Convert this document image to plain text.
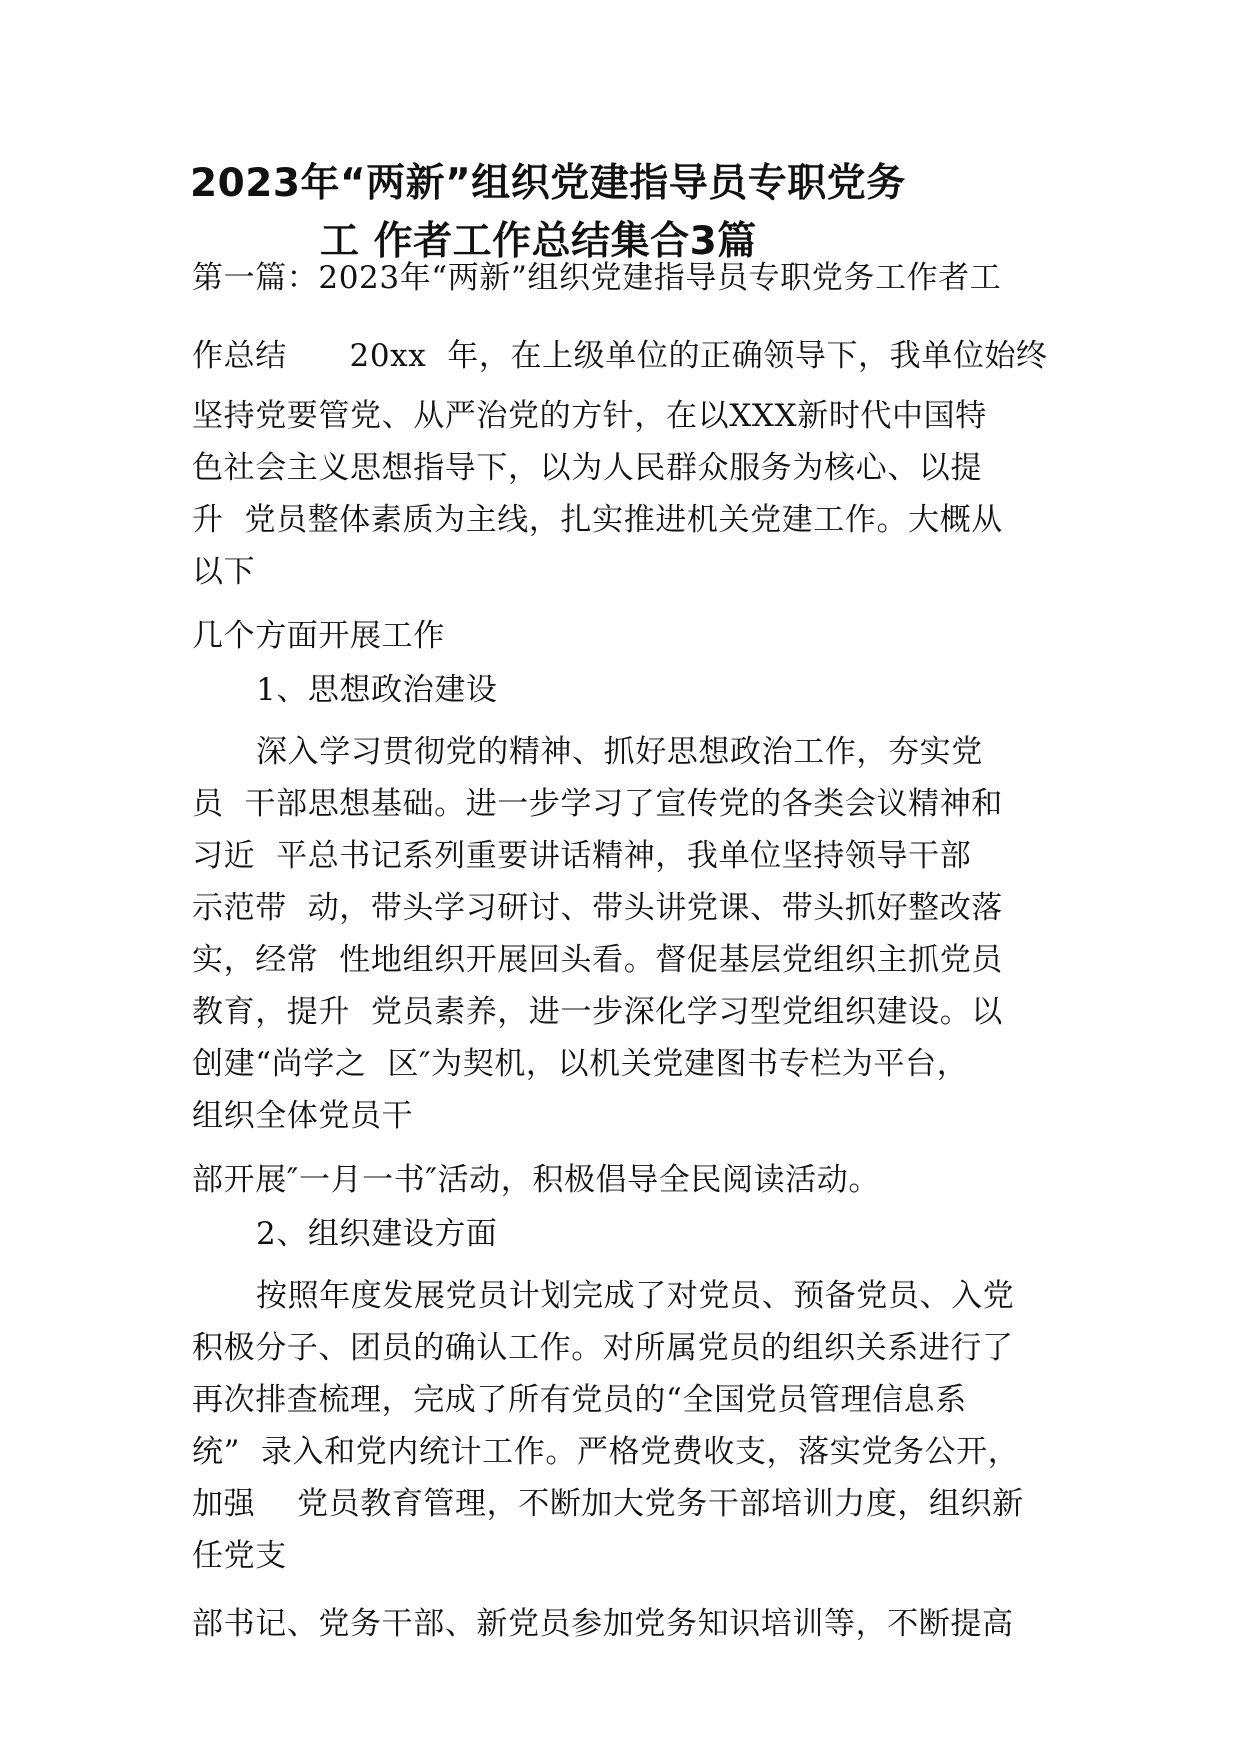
2023年“两新”组织党建指导员专职党务
工 作者工作总结集合3篇
第一篇：2023年“两新”组织党建指导员专职党务工作者工
作总结      20xx  年，在上级单位的正确领导下，我单位始终
坚持党要管党、从严治党的方针，在以XXX新时代中国特
色社会主义思想指导下，以为人民群众服务为核心、以提
升  党员整体素质为主线，扎实推进机关党建工作。大概从
以下
几个方面开展工作
1、思想政治建设
深入学习贯彻党的精神、抓好思想政治工作，夯实党
员  干部思想基础。进一步学习了宣传党的各类会议精神和
习近  平总书记系列重要讲话精神，我单位坚持领导干部
示范带  动，带头学习研讨、带头讲党课、带头抓好整改落
实，经常  性地组织开展回头看。督促基层党组织主抓党员
教育，提升  党员素养，进一步深化学习型党组织建设。以
创建“尚学之  区″为契机，以机关党建图书专栏为平台，
组织全体党员干
部开展″一月一书″活动，积极倡导全民阅读活动。
2、组织建设方面
按照年度发展党员计划完成了对党员、预备党员、入党
积极分子、团员的确认工作。对所属党员的组织关系进行了
再次排查梳理，完成了所有党员的“全国党员管理信息系
统”  录入和党内统计工作。严格党费收支，落实党务公开，
加强    党员教育管理，不断加大党务干部培训力度，组织新
任党支
部书记、党务干部、新党员参加党务知识培训等，不断提高
